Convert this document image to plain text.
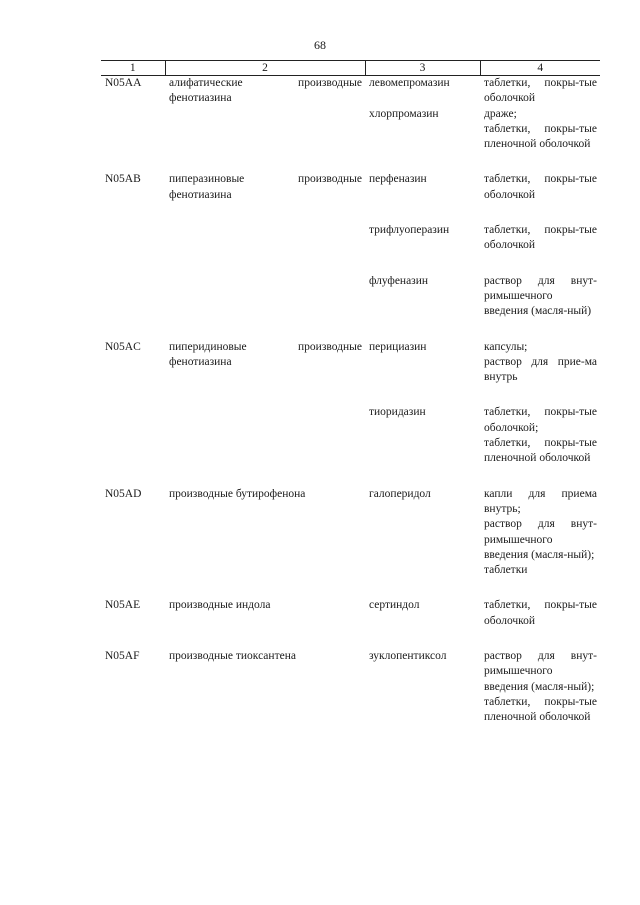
68
1	2	3	4
N05AA	алифатические производные фенотиазина	левомепромазин	таблетки, покры-тые оболочкой

		хлорпромазин	драже;
таблетки, покры-тые пленочной оболочкой

N05AB	пиперазиновые производные фенотиазина	перфеназин	таблетки, покры-тые оболочкой

		трифлуоперазин	таблетки, покры-тые оболочкой

		флуфеназин	раствор для внут-римышечного введения (масля-ный)

N05AC	пиперидиновые производные фенотиазина	перициазин	капсулы;
раствор для прие-ма внутрь

		тиоридазин	таблетки, покры-тые оболочкой;
таблетки, покры-тые пленочной оболочкой

N05AD	производные бутирофенона	галоперидол	капли для приема внутрь;
раствор для внут-римышечного введения (масля-ный);
таблетки

N05AE	производные индола	сертиндол	таблетки, покры-тые оболочкой

N05AF	производные тиоксантена	зуклопентиксол	раствор для внут-римышечного введения (масля-ный);
таблетки, покры-тые пленочной оболочкой
